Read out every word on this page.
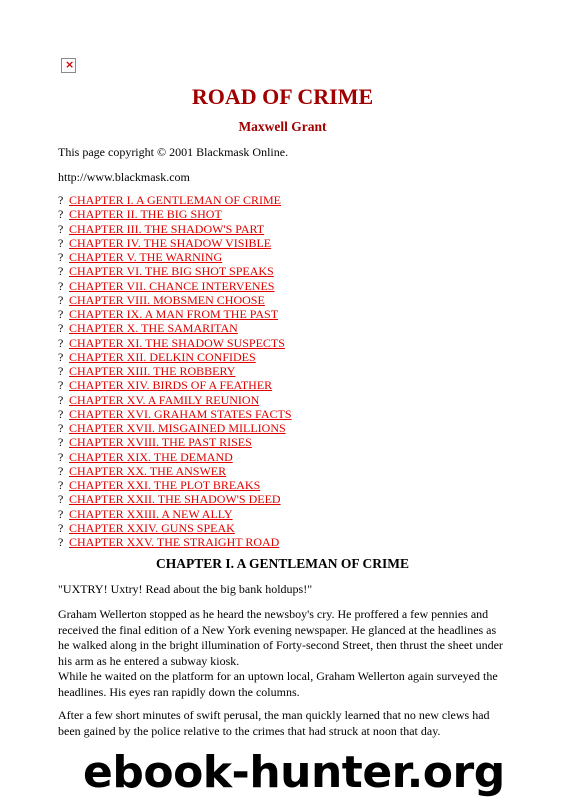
×
ROAD OF CRIME
Maxwell Grant
This page copyright © 2001 Blackmask Online.
http://www.blackmask.com
? CHAPTER I. A GENTLEMAN OF CRIME
? CHAPTER II. THE BIG SHOT
? CHAPTER III. THE SHADOW'S PART
? CHAPTER IV. THE SHADOW VISIBLE
? CHAPTER V. THE WARNING
? CHAPTER VI. THE BIG SHOT SPEAKS
? CHAPTER VII. CHANCE INTERVENES
? CHAPTER VIII. MOBSMEN CHOOSE
? CHAPTER IX. A MAN FROM THE PAST
? CHAPTER X. THE SAMARITAN
? CHAPTER XI. THE SHADOW SUSPECTS
? CHAPTER XII. DELKIN CONFIDES
? CHAPTER XIII. THE ROBBERY
? CHAPTER XIV. BIRDS OF A FEATHER
? CHAPTER XV. A FAMILY REUNION
? CHAPTER XVI. GRAHAM STATES FACTS
? CHAPTER XVII. MISGAINED MILLIONS
? CHAPTER XVIII. THE PAST RISES
? CHAPTER XIX. THE DEMAND
? CHAPTER XX. THE ANSWER
? CHAPTER XXI. THE PLOT BREAKS
? CHAPTER XXII. THE SHADOW'S DEED
? CHAPTER XXIII. A NEW ALLY
? CHAPTER XXIV. GUNS SPEAK
? CHAPTER XXV. THE STRAIGHT ROAD
CHAPTER I. A GENTLEMAN OF CRIME

"UXTRY! Uxtry! Read about the big bank holdups!"

Graham Wellerton stopped as he heard the newsboy's cry. He proffered a few pennies and received the final edition of a New York evening newspaper. He glanced at the headlines as he walked along in the bright illumination of Forty-second Street, then thrust the sheet under his arm as he entered a subway kiosk.

While he waited on the platform for an uptown local, Graham Wellerton again surveyed the headlines. His eyes ran rapidly down the columns.

After a few short minutes of swift perusal, the man quickly learned that no new clews had been gained by the police relative to the crimes that had struck at noon that day.

ebook-hunter.org
